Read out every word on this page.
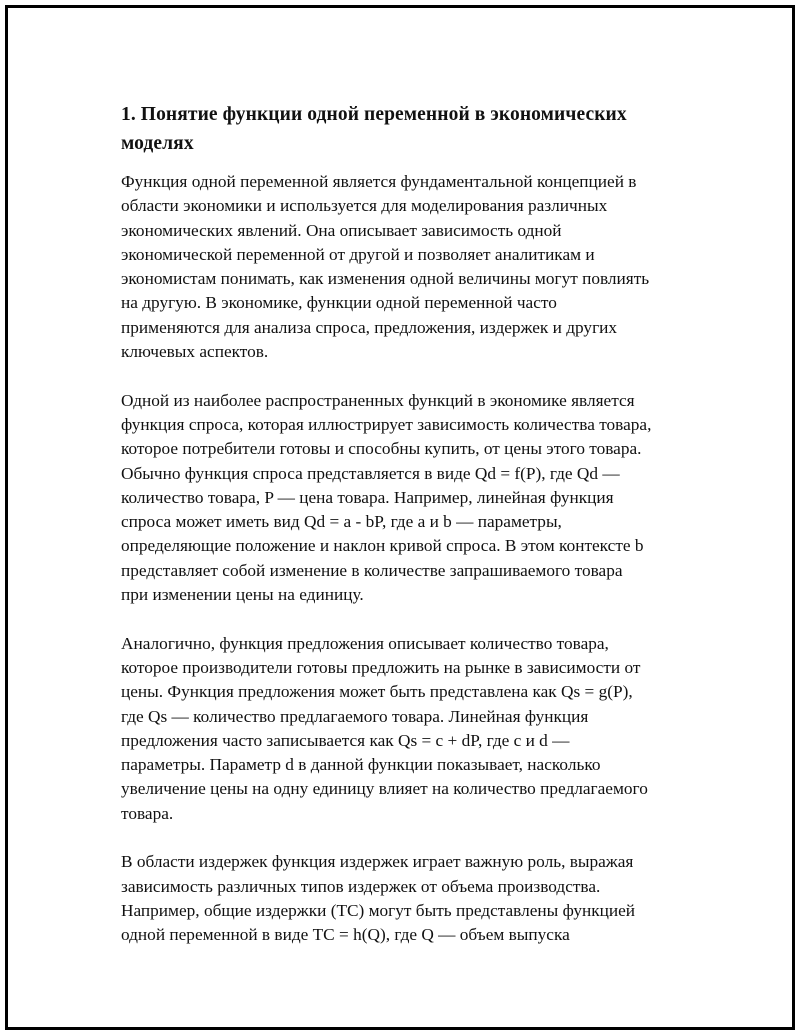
1. Понятие функции одной переменной в экономических
моделях

Функция одной переменной является фундаментальной концепцией в
области экономики и используется для моделирования различных
экономических явлений. Она описывает зависимость одной
экономической переменной от другой и позволяет аналитикам и
экономистам понимать, как изменения одной величины могут повлиять
на другую. В экономике, функции одной переменной часто
применяются для анализа спроса, предложения, издержек и других
ключевых аспектов.

Одной из наиболее распространенных функций в экономике является
функция спроса, которая иллюстрирует зависимость количества товара,
которое потребители готовы и способны купить, от цены этого товара.
Обычно функция спроса представляется в виде Qd = f(P), где Qd —
количество товара, P — цена товара. Например, линейная функция
спроса может иметь вид Qd = a - bP, где a и b — параметры,
определяющие положение и наклон кривой спроса. В этом контексте b
представляет собой изменение в количестве запрашиваемого товара
при изменении цены на единицу.

Аналогично, функция предложения описывает количество товара,
которое производители готовы предложить на рынке в зависимости от
цены. Функция предложения может быть представлена как Qs = g(P),
где Qs — количество предлагаемого товара. Линейная функция
предложения часто записывается как Qs = c + dP, где c и d —
параметры. Параметр d в данной функции показывает, насколько
увеличение цены на одну единицу влияет на количество предлагаемого
товара.

В области издержек функция издержек играет важную роль, выражая
зависимость различных типов издержек от объема производства.
Например, общие издержки (TC) могут быть представлены функцией
одной переменной в виде TC = h(Q), где Q — объем выпуска
